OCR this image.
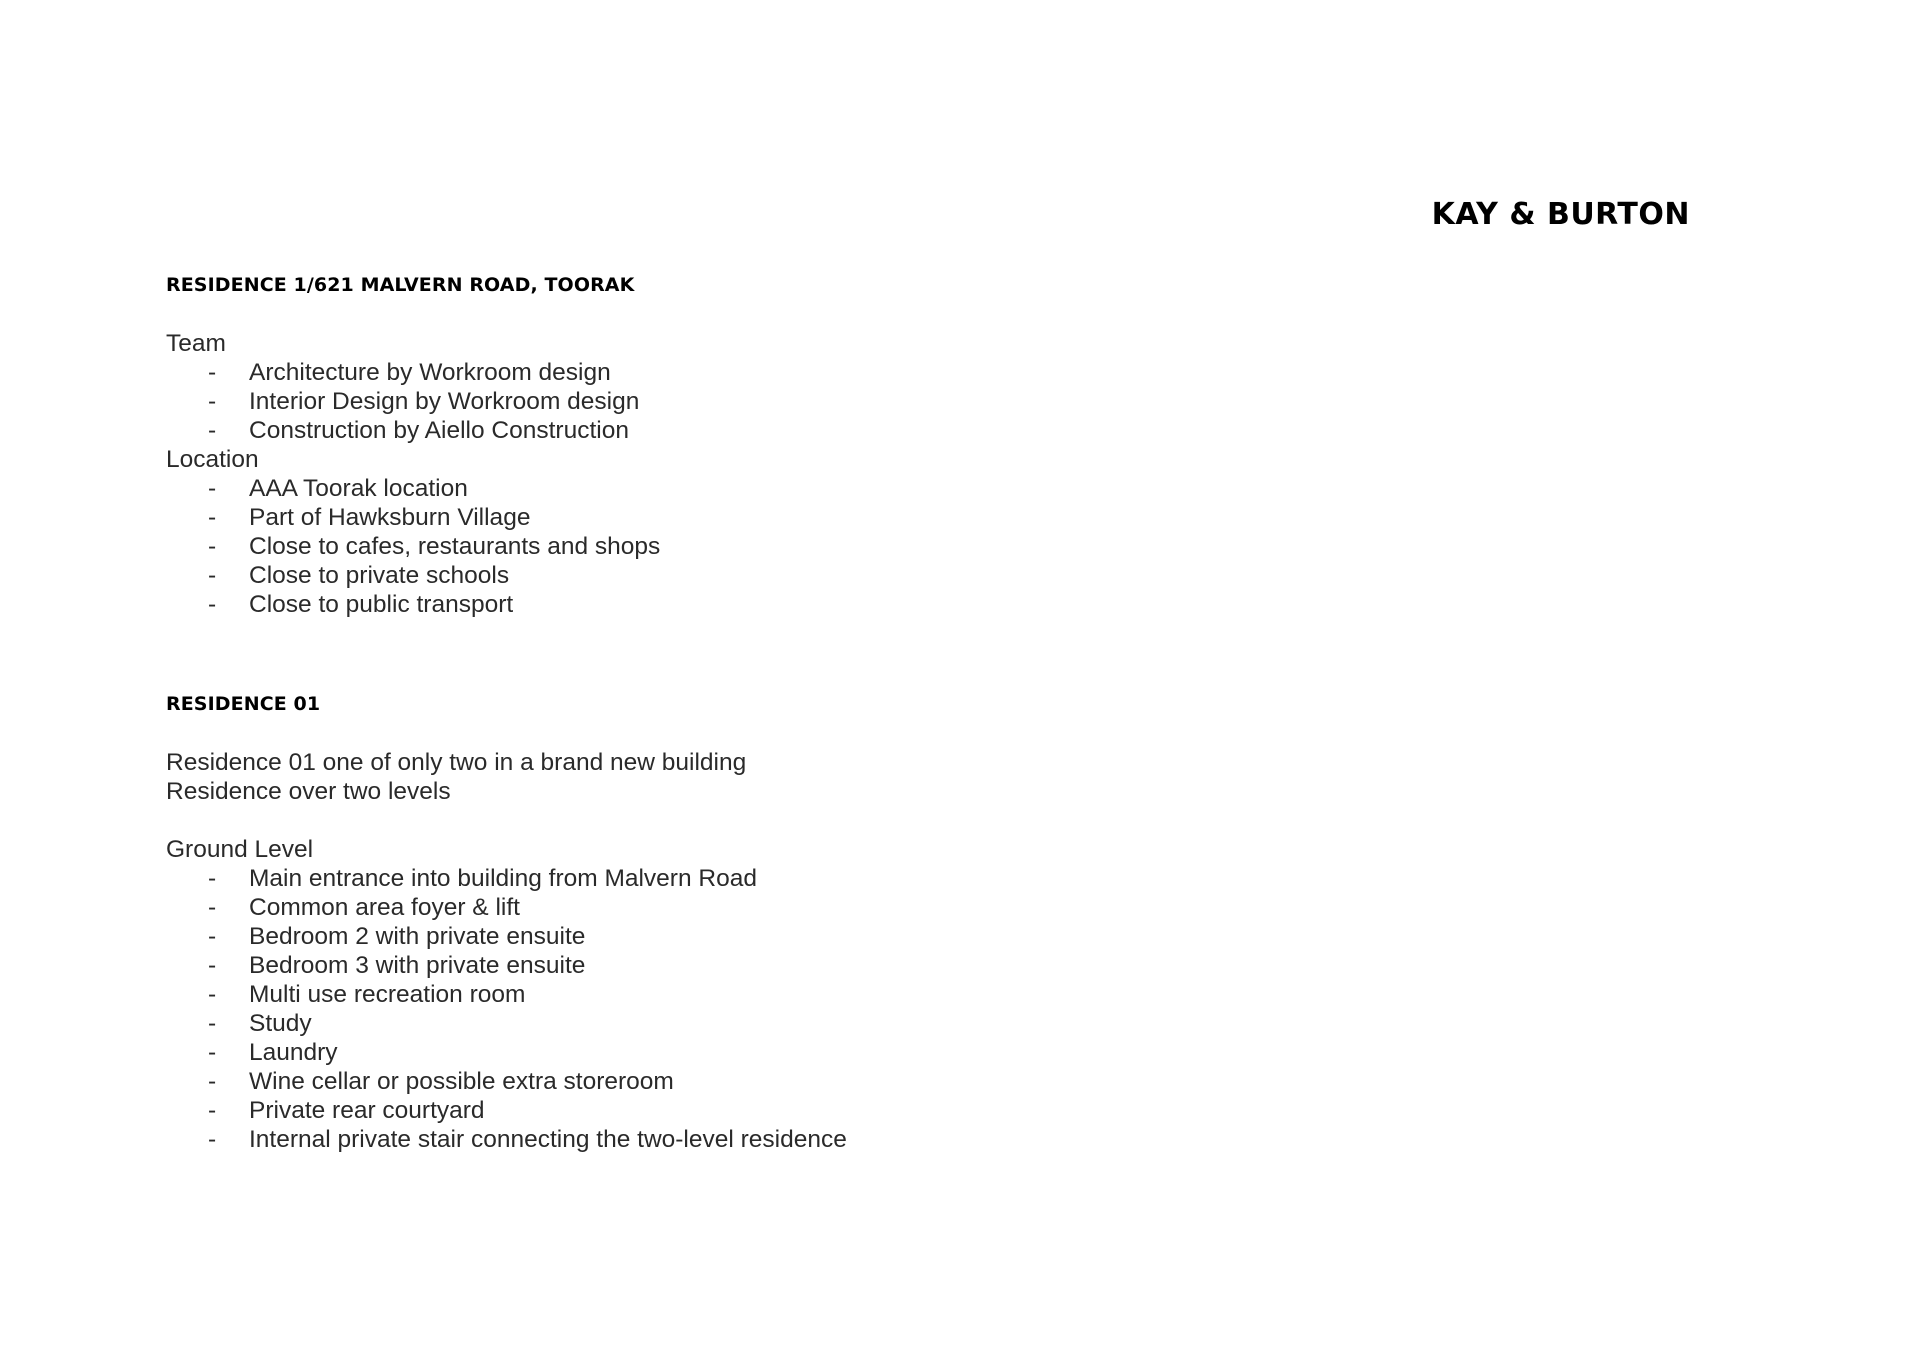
KAY & BURTON
RESIDENCE 1/621 MALVERN ROAD, TOORAK
Team
- Architecture by Workroom design
- Interior Design by Workroom design
- Construction by Aiello Construction
Location
- AAA Toorak location
- Part of Hawksburn Village
- Close to cafes, restaurants and shops
- Close to private schools
- Close to public transport
RESIDENCE 01
Residence 01 one of only two in a brand new building
Residence over two levels
Ground Level
- Main entrance into building from Malvern Road
- Common area foyer & lift
- Bedroom 2 with private ensuite
- Bedroom 3 with private ensuite
- Multi use recreation room
- Study
- Laundry
- Wine cellar or possible extra storeroom
- Private rear courtyard
- Internal private stair connecting the two-level residence
